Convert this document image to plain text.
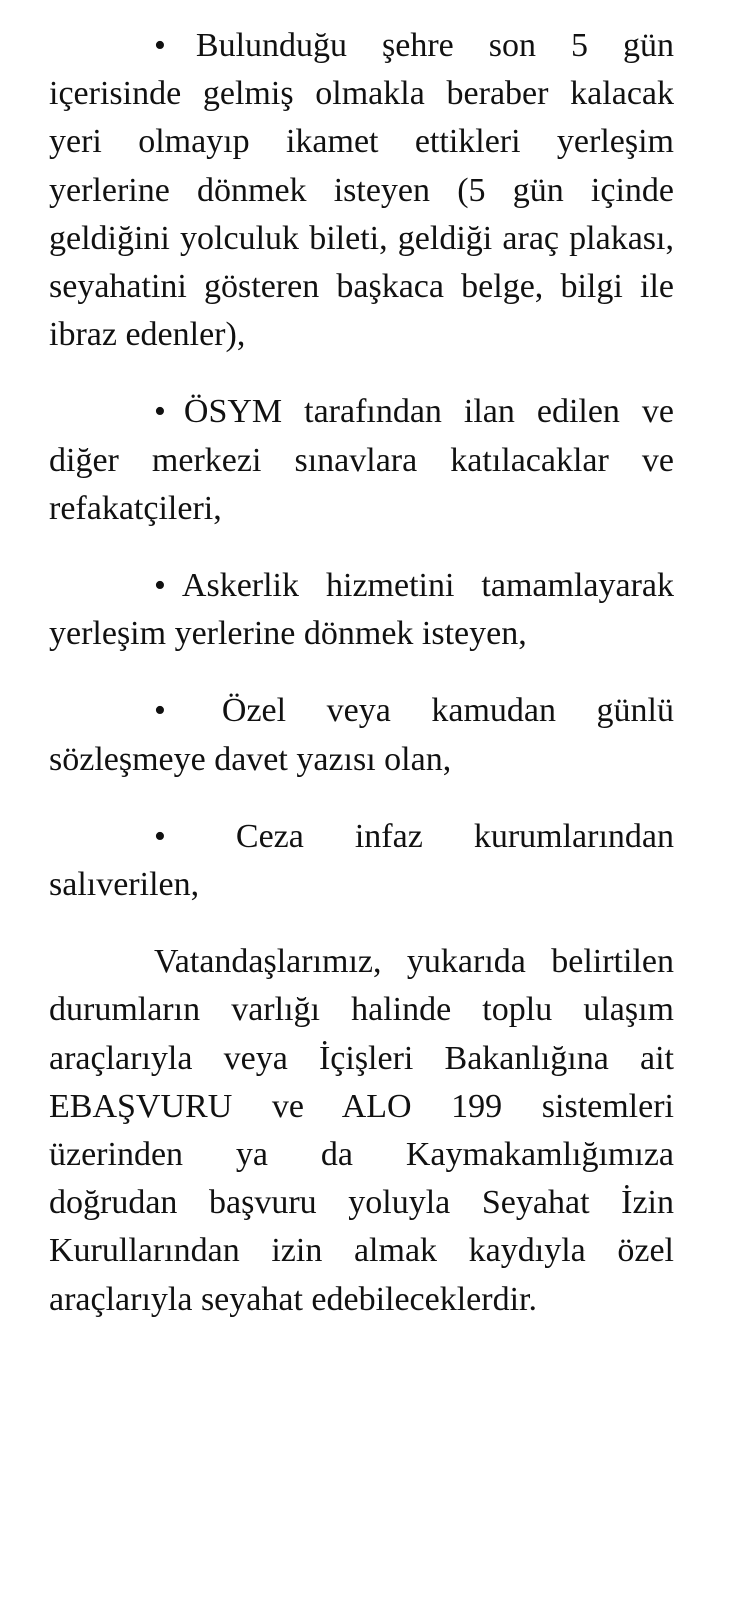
• Bulunduğu şehre son 5 gün içerisinde gelmiş olmakla beraber kalacak yeri olmayıp ikamet ettikleri yerleşim yerlerine dönmek isteyen (5 gün içinde geldiğini yolculuk bileti, geldiği araç plakası, seyahatini gösteren başkaca belge, bilgi ile ibraz edenler),

• ÖSYM tarafından ilan edilen ve diğer merkezi sınavlara katılacaklar ve refakatçileri,

• Askerlik hizmetini tamamlayarak yerleşim yerlerine dönmek isteyen,

• Özel veya kamudan günlü sözleşmeye davet yazısı olan,

• Ceza infaz kurumlarından salıverilen,

Vatandaşlarımız, yukarıda belirtilen durumların varlığı halinde toplu ulaşım araçlarıyla veya İçişleri Bakanlığına ait EBAŞVURU ve ALO 199 sistemleri üzerinden ya da Kaymakamlığımıza doğrudan başvuru yoluyla Seyahat İzin Kurullarından izin almak kaydıyla özel araçlarıyla seyahat edebileceklerdir.
